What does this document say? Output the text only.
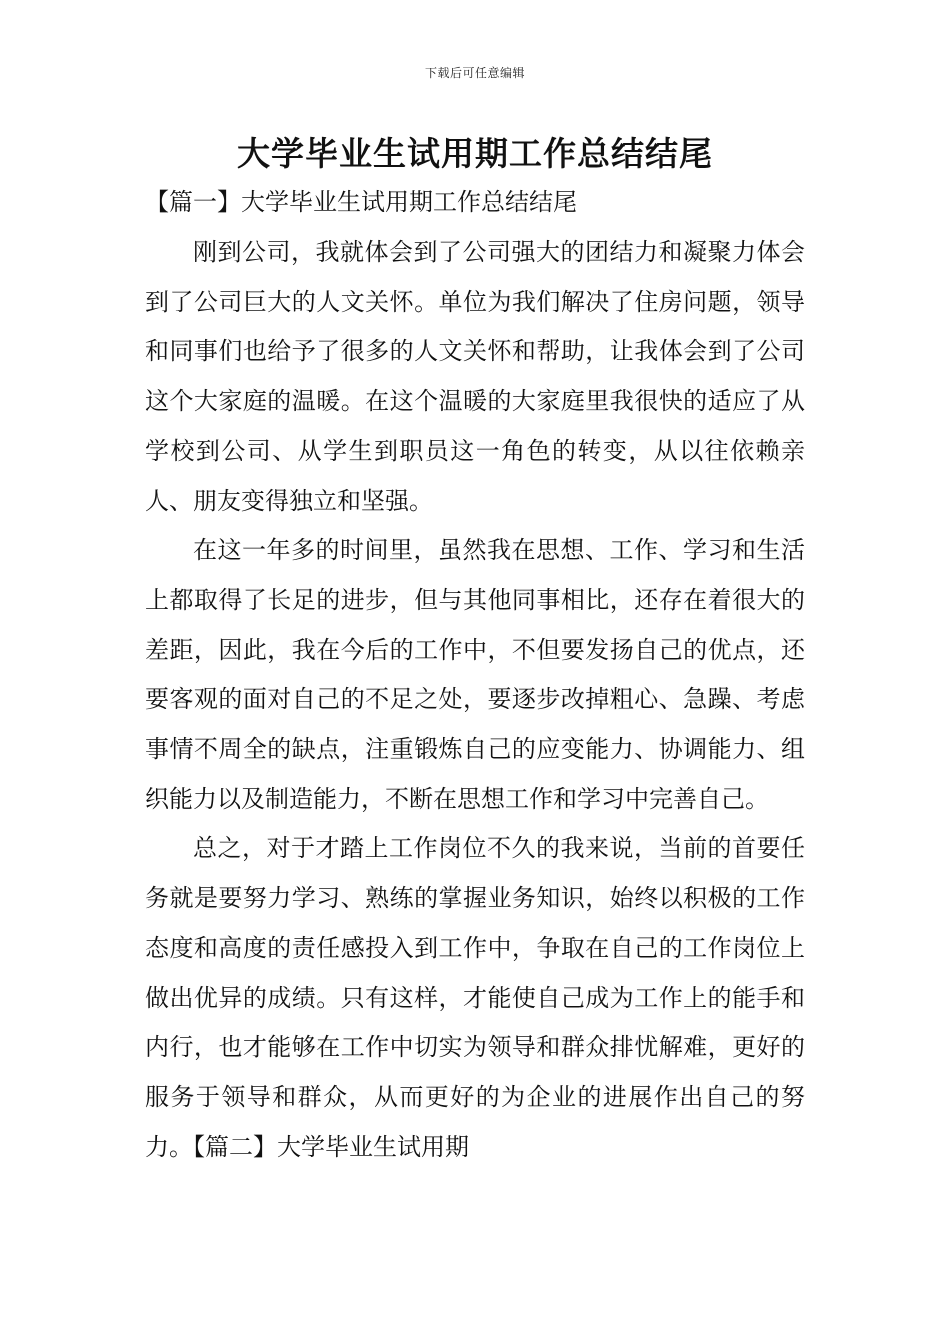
下载后可任意编辑
大学毕业生试用期工作总结结尾
【篇一】大学毕业生试用期工作总结结尾

刚到公司，我就体会到了公司强大的团结力和凝聚力体会到了公司巨大的人文关怀。单位为我们解决了住房问题，领导和同事们也给予了很多的人文关怀和帮助，让我体会到了公司这个大家庭的温暖。在这个温暖的大家庭里我很快的适应了从学校到公司、从学生到职员这一角色的转变，从以往依赖亲人、朋友变得独立和坚强。

在这一年多的时间里，虽然我在思想、工作、学习和生活上都取得了长足的进步，但与其他同事相比，还存在着很大的差距，因此，我在今后的工作中，不但要发扬自己的优点，还要客观的面对自己的不足之处，要逐步改掉粗心、急躁、考虑事情不周全的缺点，注重锻炼自己的应变能力、协调能力、组织能力以及制造能力，不断在思想工作和学习中完善自己。

总之，对于才踏上工作岗位不久的我来说，当前的首要任务就是要努力学习、熟练的掌握业务知识，始终以积极的工作态度和高度的责任感投入到工作中，争取在自己的工作岗位上做出优异的成绩。只有这样，才能使自己成为工作上的能手和内行，也才能够在工作中切实为领导和群众排忧解难，更好的服务于领导和群众，从而更好的为企业的进展作出自己的努力。【篇二】大学毕业生试用期
